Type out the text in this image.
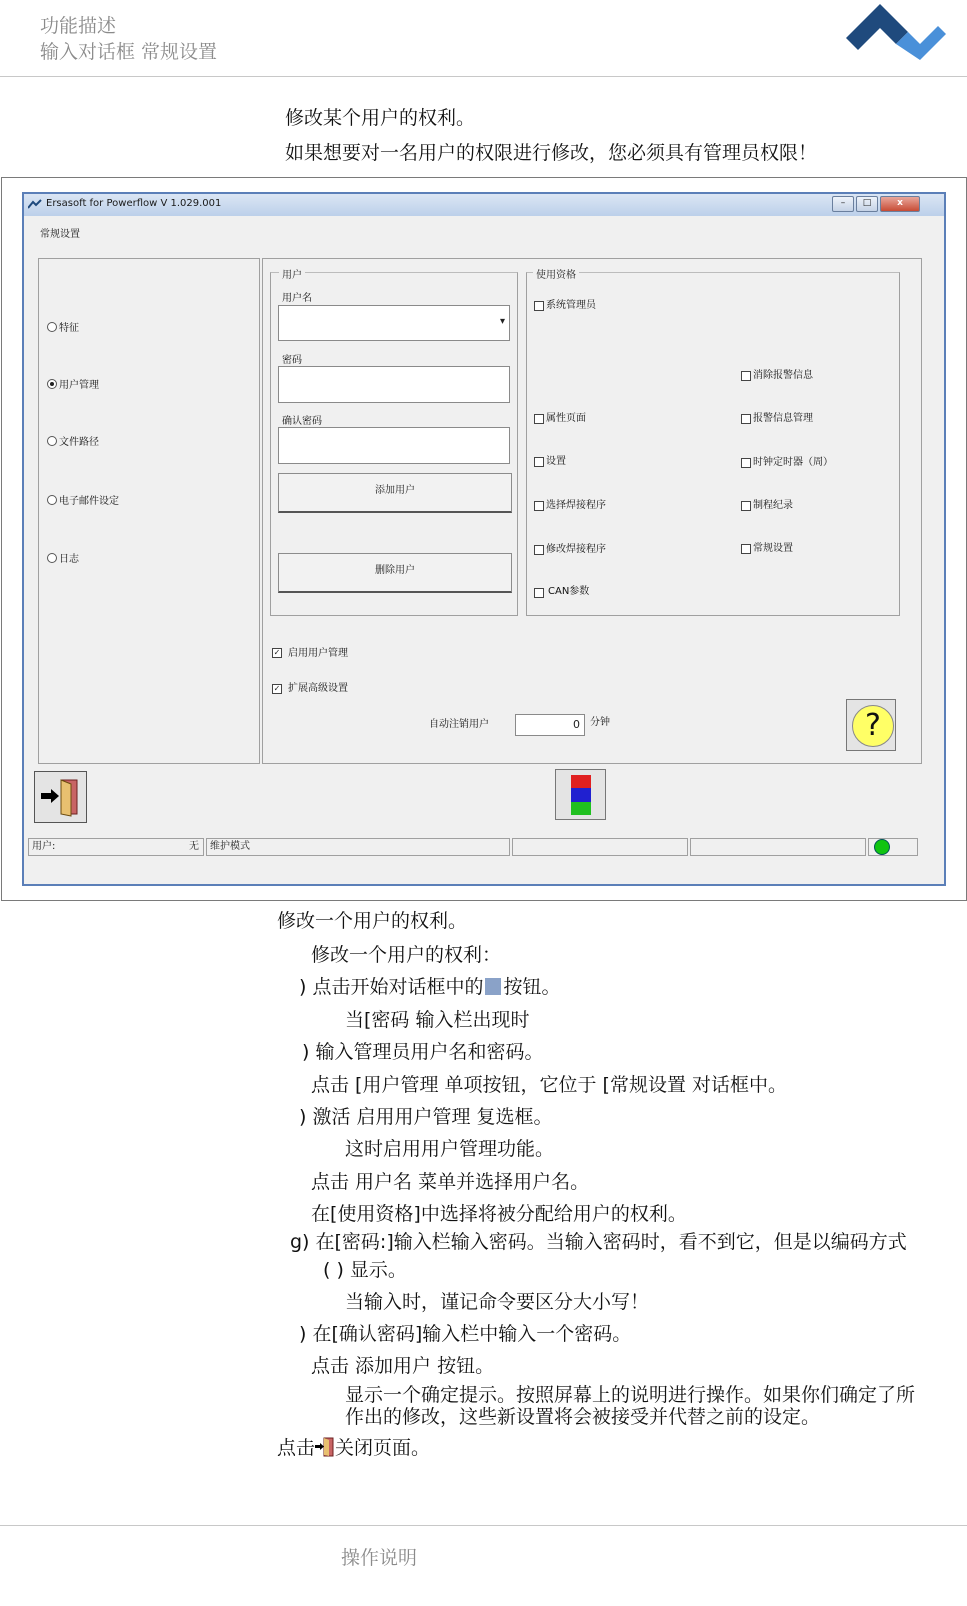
功能描述
输入对话框 常规设置
修改某个用户的权利。
如果想要对一名用户的权限进行修改，您必须具有管理员权限！
Ersasoft for Powerflow V 1.029.001	–	□	x
常规设置
特征
用户管理
文件路径
电子邮件设定
日志
用户
用户名
▾
密码
确认密码
添加用户
删除用户
使用资格
系统管理员
属性页面
设置
选择焊接程序
修改焊接程序
CAN参数
消除报警信息
报警信息管理
时钟定时器（周）
制程纪录
常规设置
✓ 启用用户管理
✓ 扩展高级设置
自动注销用户	0	分钟	?
用户:	无	维护模式
修改一个用户的权利。
修改一个用户的权利：
) 点击开始对话框中的 按钮。
当[密码 输入栏出现时
) 输入管理员用户名和密码。
点击 [用户管理 单项按钮，它位于 [常规设置 对话框中。
) 激活 启用用户管理 复选框。
这时启用用户管理功能。
点击 用户名 菜单并选择用户名。
在[使用资格]中选择将被分配给用户的权利。
g) 在[密码:]输入栏输入密码。当输入密码时，看不到它，但是以编码方式
( ) 显示。
当输入时，谨记命令要区分大小写！
) 在[确认密码]输入栏中输入一个密码。
点击 添加用户 按钮。
显示一个确定提示。按照屏幕上的说明进行操作。如果你们确定了所
作出的修改，这些新设置将会被接受并代替之前的设定。
点击 关闭页面。
操作说明
